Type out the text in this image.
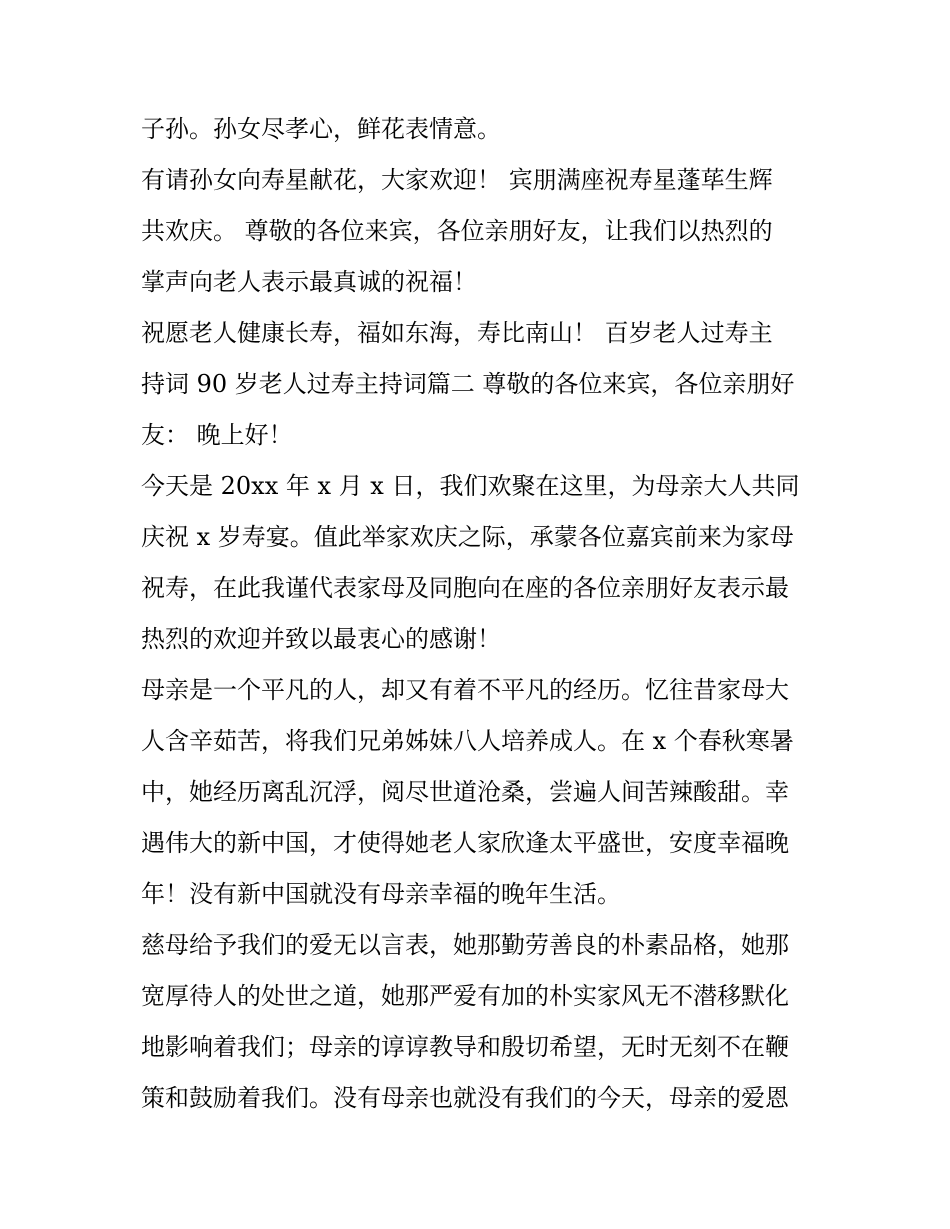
子孙。孙女尽孝心，鲜花表情意。
有请孙女向寿星献花，大家欢迎！ 宾朋满座祝寿星蓬荜生辉
共欢庆。 尊敬的各位来宾，各位亲朋好友，让我们以热烈的
掌声向老人表示最真诚的祝福！
祝愿老人健康长寿，福如东海，寿比南山！ 百岁老人过寿主
持词 90 岁老人过寿主持词篇二 尊敬的各位来宾，各位亲朋好
友： 晚上好！
今天是 20xx 年 x 月 x 日，我们欢聚在这里，为母亲大人共同
庆祝 x 岁寿宴。值此举家欢庆之际，承蒙各位嘉宾前来为家母
祝寿，在此我谨代表家母及同胞向在座的各位亲朋好友表示最
热烈的欢迎并致以最衷心的感谢！
母亲是一个平凡的人，却又有着不平凡的经历。忆往昔家母大
人含辛茹苦，将我们兄弟姊妹八人培养成人。在 x 个春秋寒暑
中，她经历离乱沉浮，阅尽世道沧桑，尝遍人间苦辣酸甜。幸
遇伟大的新中国，才使得她老人家欣逢太平盛世，安度幸福晚
年！没有新中国就没有母亲幸福的晚年生活。
慈母给予我们的爱无以言表，她那勤劳善良的朴素品格，她那
宽厚待人的处世之道，她那严爱有加的朴实家风无不潜移默化
地影响着我们；母亲的谆谆教导和殷切希望，无时无刻不在鞭
策和鼓励着我们。没有母亲也就没有我们的今天，母亲的爱恩
